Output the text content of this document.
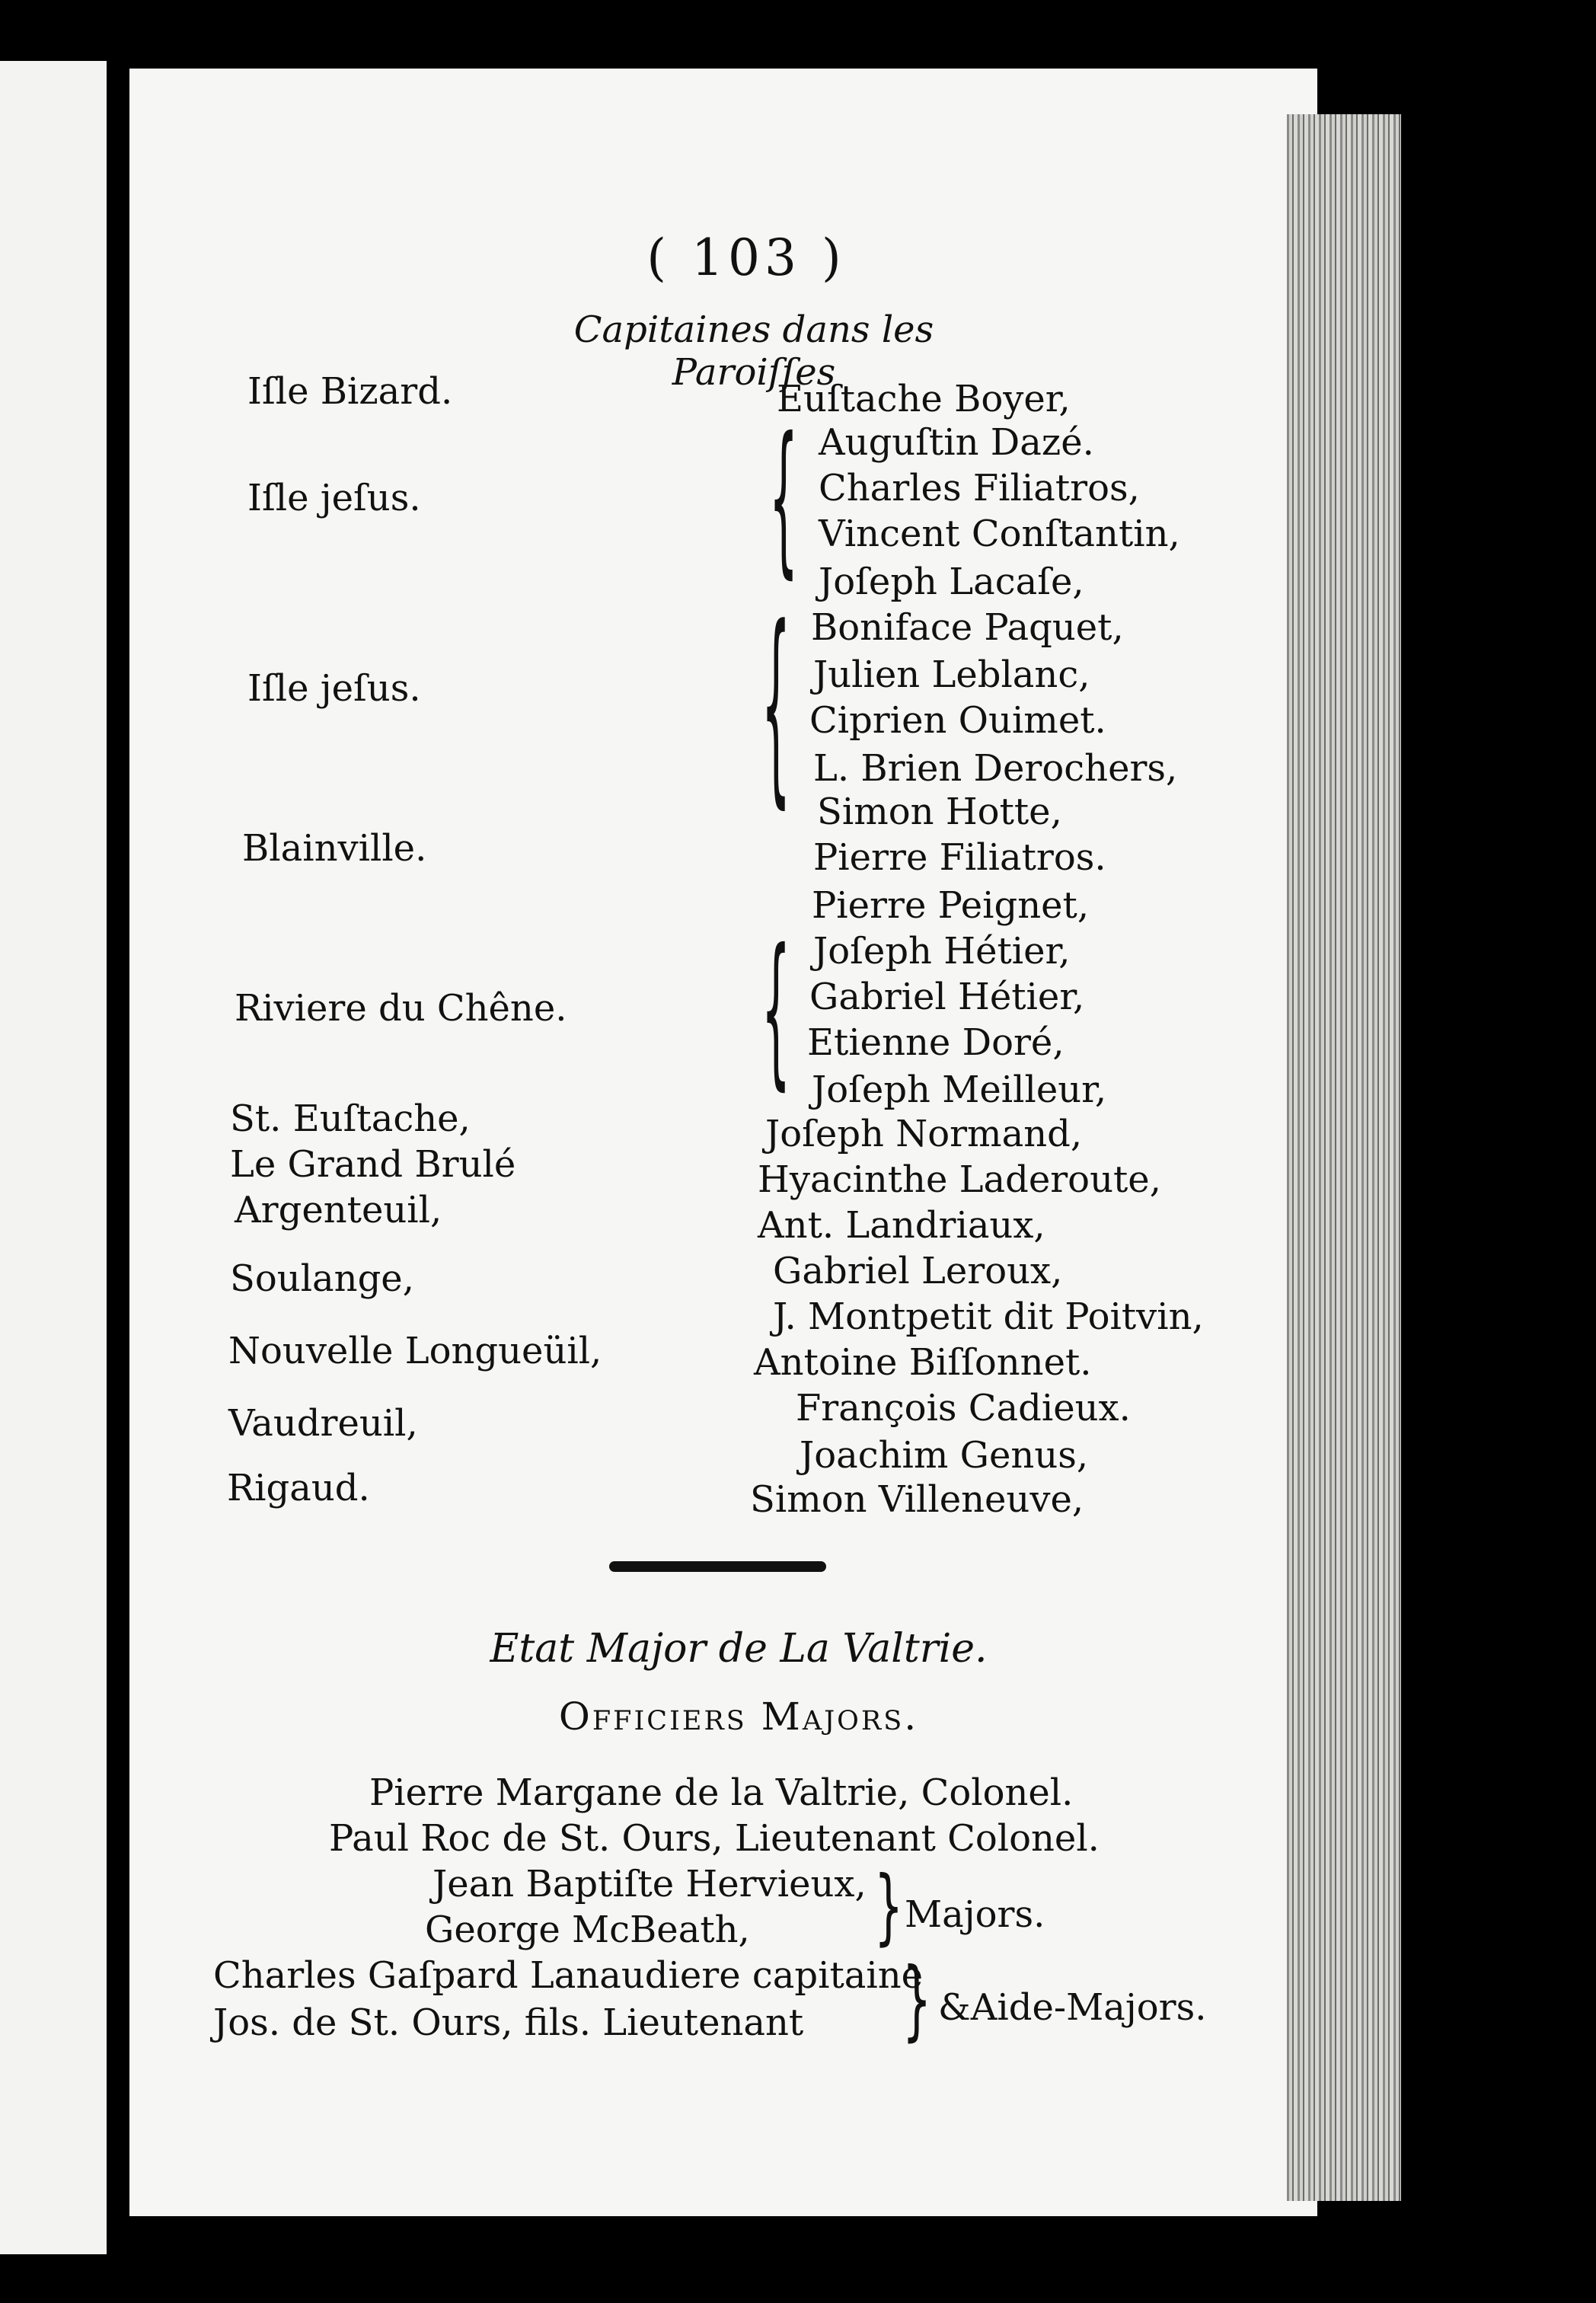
( 103 )
Capitaines dans les Paroiſſes
Iſle Bizard.
Iſle jeſus.
Iſle jeſus.
Blainville.
Riviere du Chêne.
St. Euſtache,
Le Grand Brulé
Argenteuil,
Soulange,
Nouvelle Longueüil,
Vaudreuil,
Rigaud.
{
{
{
Euſtache Boyer,
Auguſtin Dazé.
Charles Filiatros,
Vincent Conſtantin,
Joſeph Lacaſe,
Boniface Paquet,
Julien Leblanc,
Ciprien Ouimet.
L. Brien Derochers,
Simon Hotte,
Pierre Filiatros.
Pierre Peignet,
Joſeph Hétier,
Gabriel Hétier,
Etienne Doré,
Joſeph Meilleur,
Joſeph Normand,
Hyacinthe Laderoute,
Ant. Landriaux,
Gabriel Leroux,
J. Montpetit dit Poitvin,
Antoine Biſſonnet.
François Cadieux.
Joachim Genus,
Simon Villeneuve,
Etat Major de La Valtrie.
Officiers Majors.
Pierre Margane de la Valtrie, Colonel.
Paul Roc de St. Ours, Lieutenant Colonel.
Jean Baptiſte Hervieux,
George McBeath,
Charles Gaſpard Lanaudiere capitaine
Jos. de St. Ours, fils. Lieutenant
} Majors.
} &Aide-Majors.
